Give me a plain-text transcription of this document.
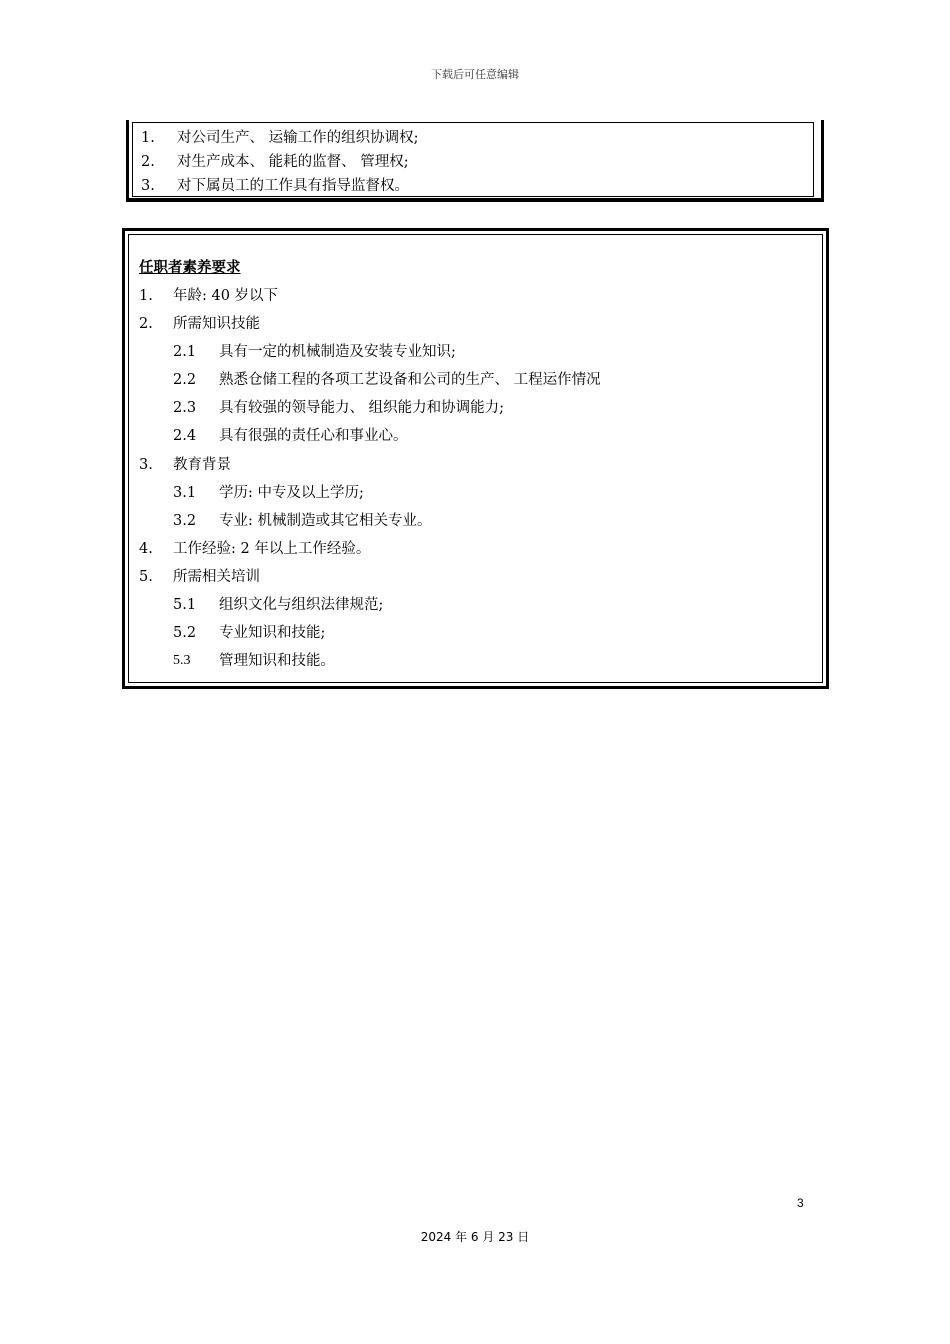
下载后可任意编辑
1.	对公司生产、 运输工作的组织协调权;
2.	对生产成本、 能耗的监督、 管理权;
3.	对下属员工的工作具有指导监督权。
任职者素养要求
1.	年龄: 40 岁以下
2.	所需知识技能
2.1	具有一定的机械制造及安装专业知识;
2.2	熟悉仓储工程的各项工艺设备和公司的生产、 工程运作情况
2.3	具有较强的领导能力、 组织能力和协调能力;
2.4	具有很强的责任心和事业心。
3.	教育背景
3.1	学历: 中专及以上学历;
3.2	专业: 机械制造或其它相关专业。
4.	工作经验: 2 年以上工作经验。
5.	所需相关培训
5.1	组织文化与组织法律规范;
5.2	专业知识和技能;
5.3	管理知识和技能。
3
2024 年 6 月 23 日
